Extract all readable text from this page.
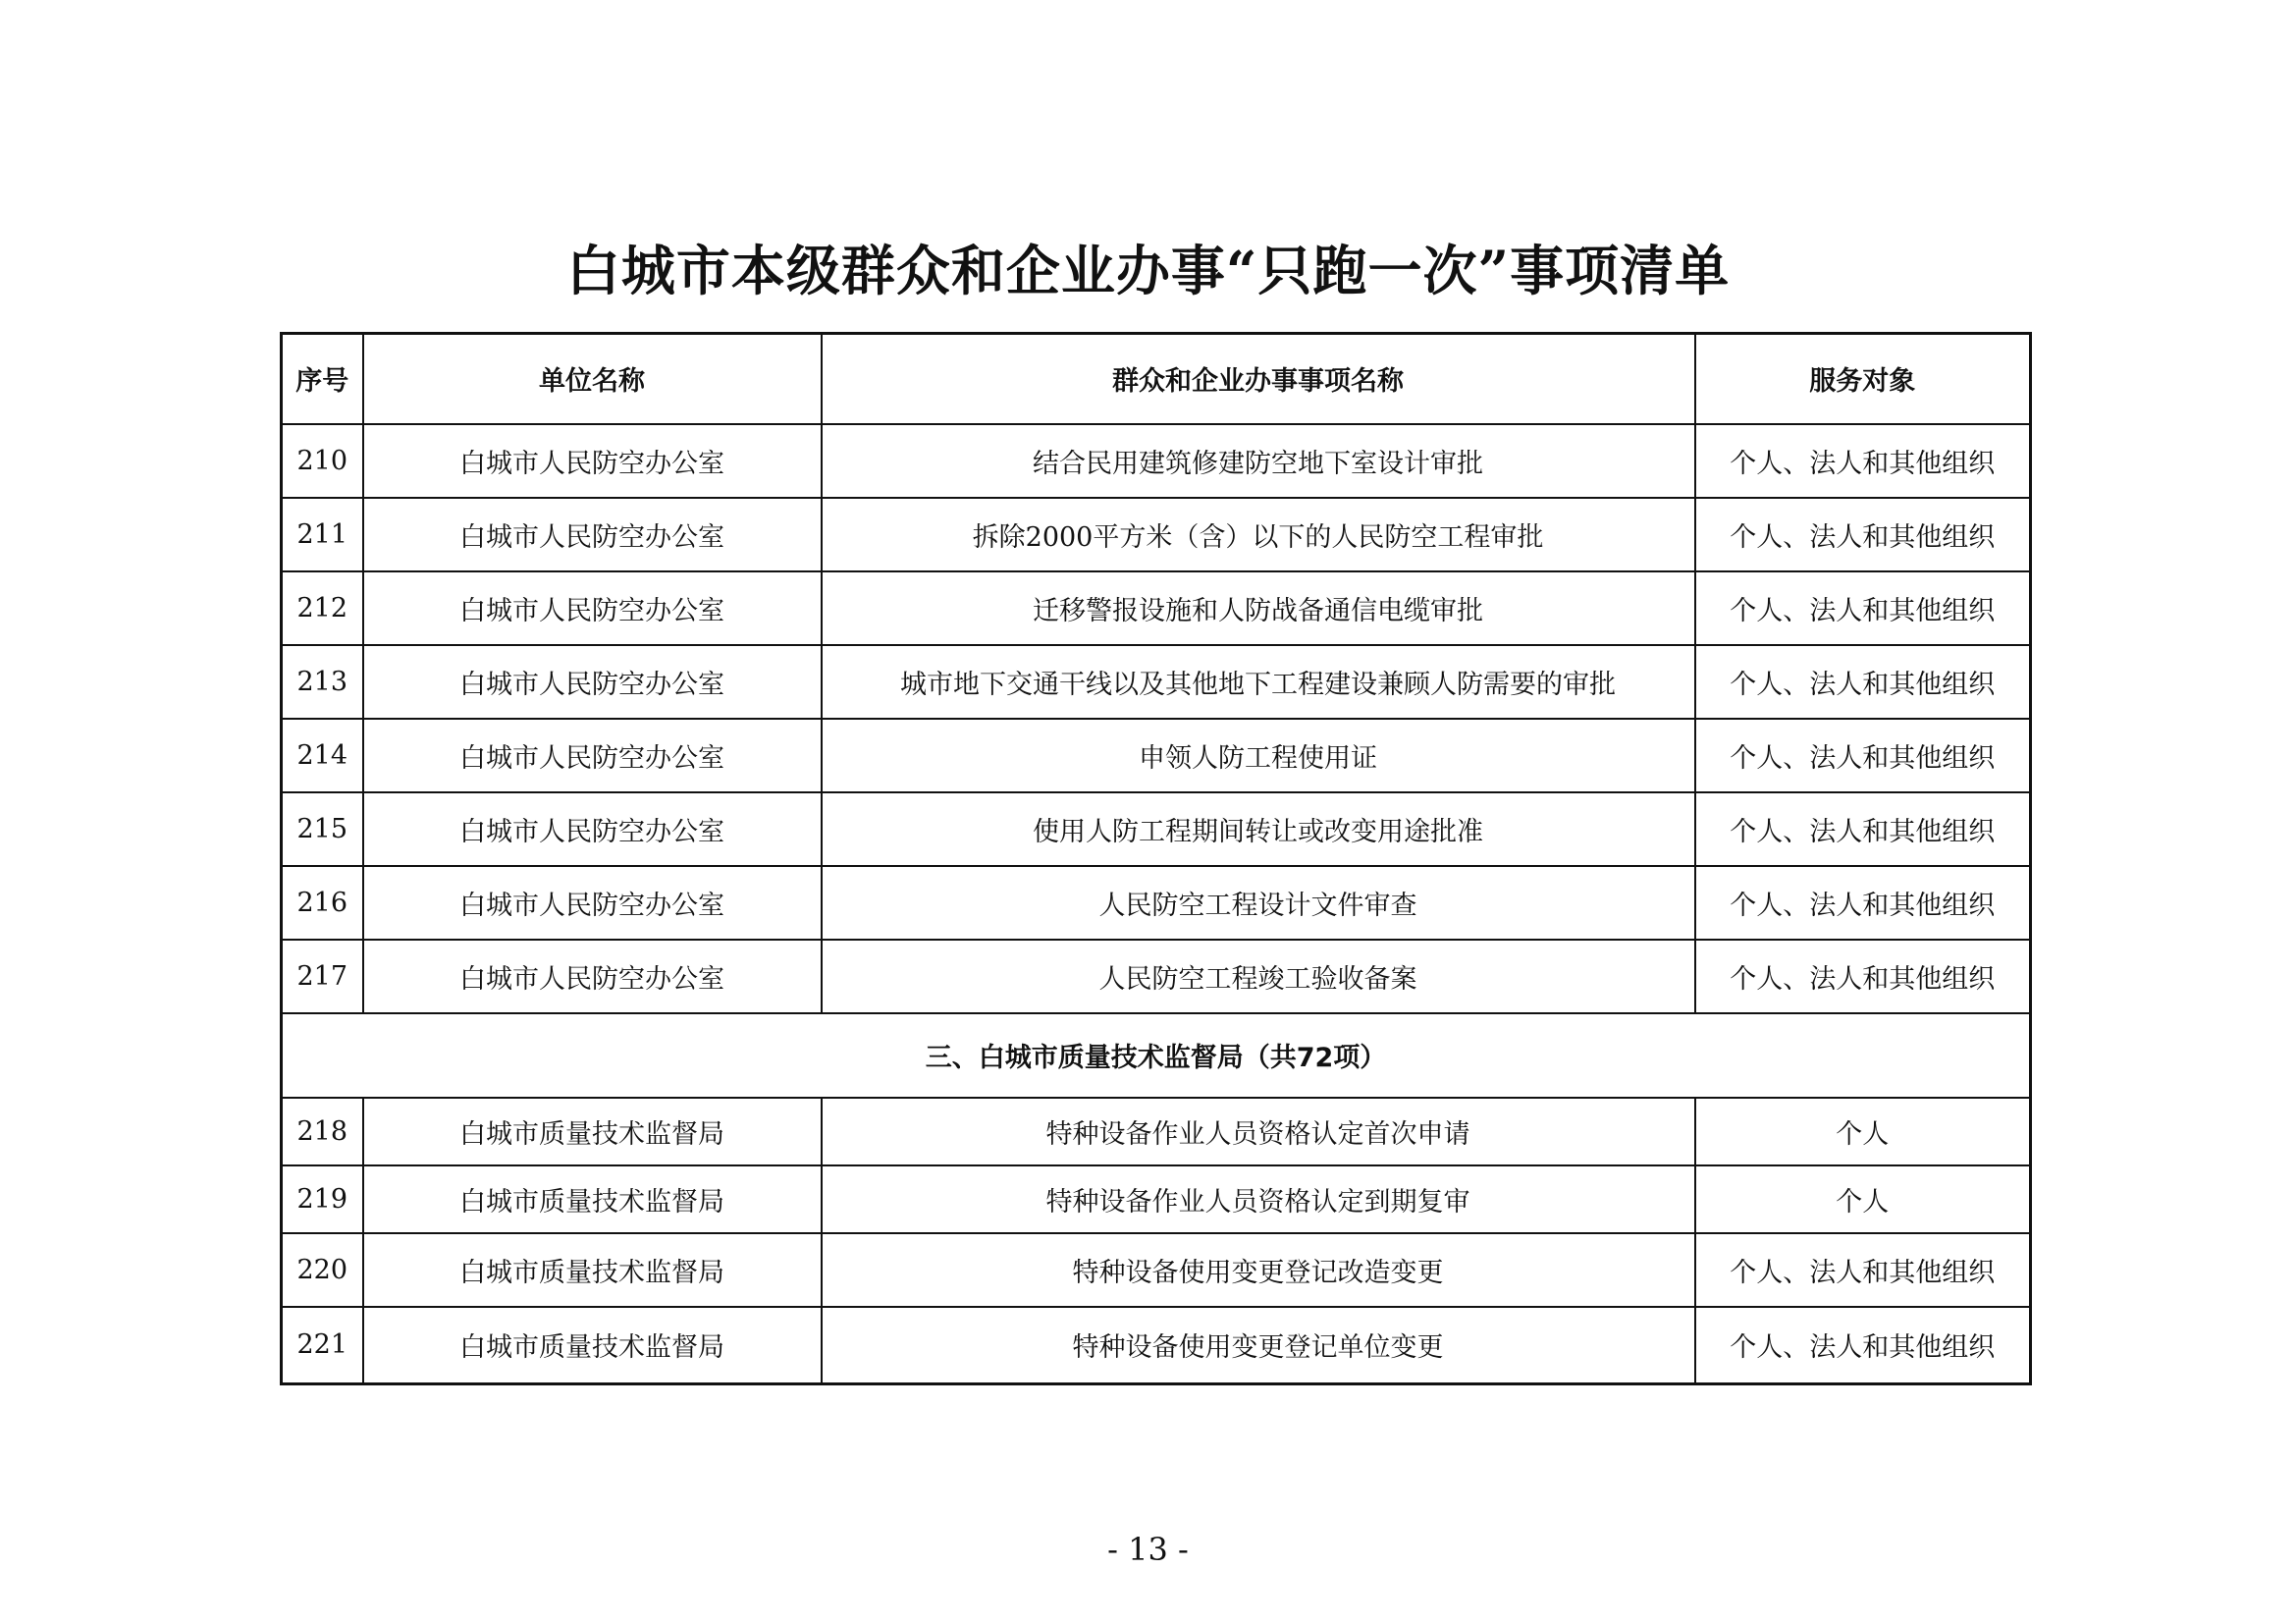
白城市本级群众和企业办事“只跑一次”事项清单
序号	单位名称	群众和企业办事事项名称	服务对象
210	白城市人民防空办公室	结合民用建筑修建防空地下室设计审批	个人、法人和其他组织
211	白城市人民防空办公室	拆除2000平方米（含）以下的人民防空工程审批	个人、法人和其他组织
212	白城市人民防空办公室	迁移警报设施和人防战备通信电缆审批	个人、法人和其他组织
213	白城市人民防空办公室	城市地下交通干线以及其他地下工程建设兼顾人防需要的审批	个人、法人和其他组织
214	白城市人民防空办公室	申领人防工程使用证	个人、法人和其他组织
215	白城市人民防空办公室	使用人防工程期间转让或改变用途批准	个人、法人和其他组织
216	白城市人民防空办公室	人民防空工程设计文件审查	个人、法人和其他组织
217	白城市人民防空办公室	人民防空工程竣工验收备案	个人、法人和其他组织
三、白城市质量技术监督局（共72项）			
218	白城市质量技术监督局	特种设备作业人员资格认定首次申请	个人
219	白城市质量技术监督局	特种设备作业人员资格认定到期复审	个人
220	白城市质量技术监督局	特种设备使用变更登记改造变更	个人、法人和其他组织
221	白城市质量技术监督局	特种设备使用变更登记单位变更	个人、法人和其他组织
- 13 -
